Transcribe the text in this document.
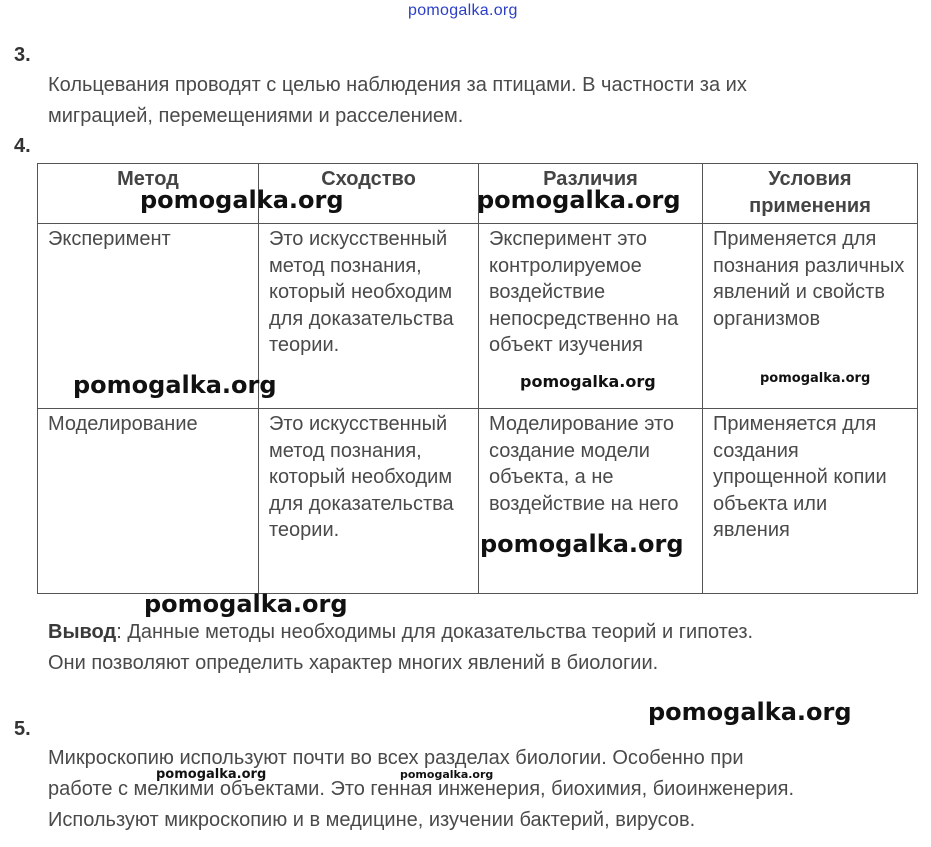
pomogalka.org
3.
Кольцевания проводят с целью наблюдения за птицами. В частности за их
миграцией, перемещениями и расселением.
4.
Метод	Сходство	Различия	Условия применения
Эксперимент	Это искусственный метод познания, который необходим для доказательства теории.	Эксперимент это контролируемое воздействие непосредственно на объект изучения	Применяется для познания различных явлений и свойств организмов
Моделирование	Это искусственный метод познания, который необходим для доказательства теории.	Моделирование это создание модели объекта, а не воздействие на него	Применяется для создания упрощенной копии объекта или явления
Вывод: Данные методы необходимы для доказательства теорий и гипотез.
Они позволяют определить характер многих явлений в биологии.
5.
Микроскопию используют почти во всех разделах биологии. Особенно при
работе с мелкими объектами. Это генная инженерия, биохимия, биоинженерия.
Используют микроскопию и в медицине, изучении бактерий, вирусов.
pomogalka.org	pomogalka.org
pomogalka.org	pomogalka.org	pomogalka.org
pomogalka.org
pomogalka.org
pomogalka.org
pomogalka.org	pomogalka.org
